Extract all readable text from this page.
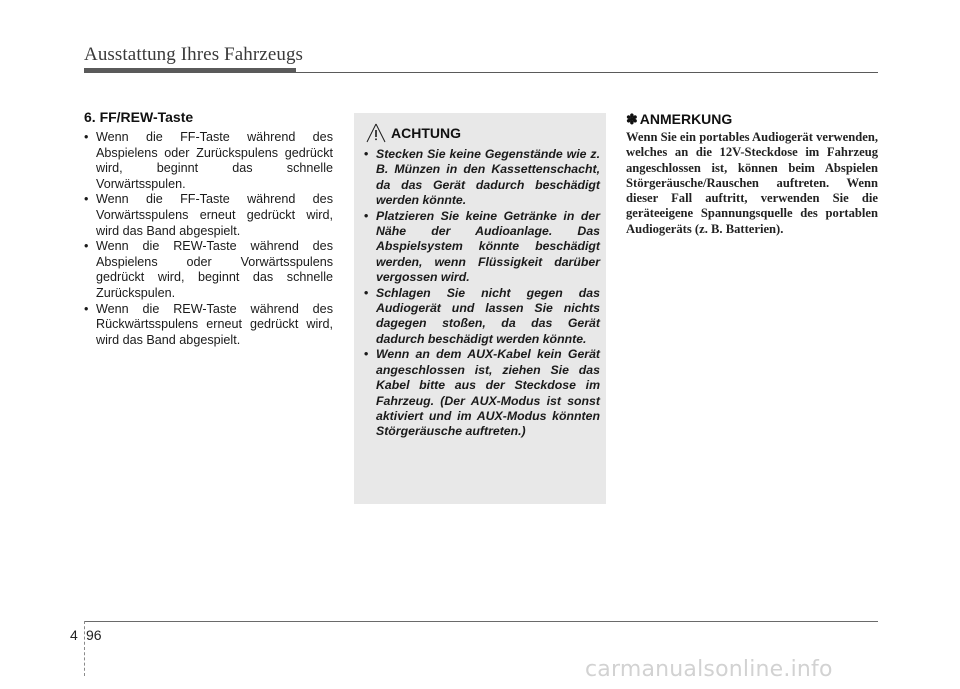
Ausstattung Ihres Fahrzeugs
6. FF/REW-Taste
• Wenn die FF-Taste während des Abspielens oder Zurückspulens gedrückt wird, beginnt das schnelle Vorwärtsspulen.
• Wenn die FF-Taste während des Vorwärtsspulens erneut gedrückt wird, wird das Band abgespielt.
• Wenn die REW-Taste während des Abspielens oder Vorwärtsspulens gedrückt wird, beginnt das schnelle Zurückspulen.
• Wenn die REW-Taste während des Rückwärtsspulens erneut gedrückt wird, wird das Band abgespielt.
ACHTUNG
• Stecken Sie keine Gegenstände wie z. B. Münzen in den Kassettenschacht, da das Gerät dadurch beschädigt werden könnte.
• Platzieren Sie keine Getränke in der Nähe der Audioanlage. Das Abspielsystem könnte beschädigt werden, wenn Flüssigkeit darüber vergossen wird.
• Schlagen Sie nicht gegen das Audiogerät und lassen Sie nichts dagegen stoßen, da das Gerät dadurch beschädigt werden könnte.
• Wenn an dem AUX-Kabel kein Gerät angeschlossen ist, ziehen Sie das Kabel bitte aus der Steckdose im Fahrzeug. (Der AUX-Modus ist sonst aktiviert und im AUX-Modus könnten Störgeräusche auftreten.)
✽ ANMERKUNG

Wenn Sie ein portables Audiogerät verwenden, welches an die 12V-Steckdose im Fahrzeug angeschlossen ist, können beim Abspielen Störgeräusche/Rauschen auftreten. Wenn dieser Fall auftritt, verwenden Sie die geräteeigene Spannungsquelle des portablen Audiogeräts (z. B. Batterien).

4 96
carmanualsonline.info
